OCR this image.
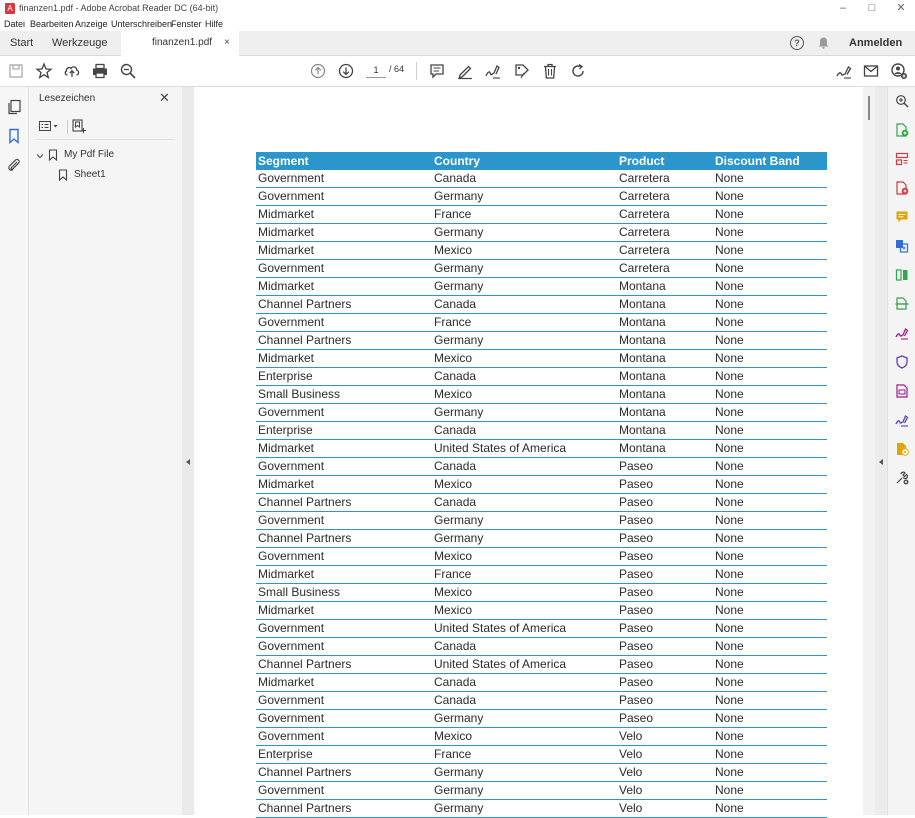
A finanzen1.pdf - Adobe Acrobat Reader DC (64-bit)	–	□	✕
Datei Bearbeiten Anzeige Unterschreiben
Fenster Hilfe
Start Werkzeuge	finanzen1.pdf ×	?	Anmelden
1	/ 64
Lesezeichen	✕
My Pdf File
Sheet1
Segment	Country	Product	Discount Band
Government	Canada	Carretera	None
Government	Germany	Carretera	None
Midmarket	France	Carretera	None
Midmarket	Germany	Carretera	None
Midmarket	Mexico	Carretera	None
Government	Germany	Carretera	None
Midmarket	Germany	Montana	None
Channel Partners	Canada	Montana	None
Government	France	Montana	None
Channel Partners	Germany	Montana	None
Midmarket	Mexico	Montana	None
Enterprise	Canada	Montana	None
Small Business	Mexico	Montana	None
Government	Germany	Montana	None
Enterprise	Canada	Montana	None
Midmarket	United States of America	Montana	None
Government	Canada	Paseo	None
Midmarket	Mexico	Paseo	None
Channel Partners	Canada	Paseo	None
Government	Germany	Paseo	None
Channel Partners	Germany	Paseo	None
Government	Mexico	Paseo	None
Midmarket	France	Paseo	None
Small Business	Mexico	Paseo	None
Midmarket	Mexico	Paseo	None
Government	United States of America	Paseo	None
Government	Canada	Paseo	None
Channel Partners	United States of America	Paseo	None
Midmarket	Canada	Paseo	None
Government	Canada	Paseo	None
Government	Germany	Paseo	None
Government	Mexico	Velo	None
Enterprise	France	Velo	None
Channel Partners	Germany	Velo	None
Government	Germany	Velo	None
Channel Partners	Germany	Velo	None
